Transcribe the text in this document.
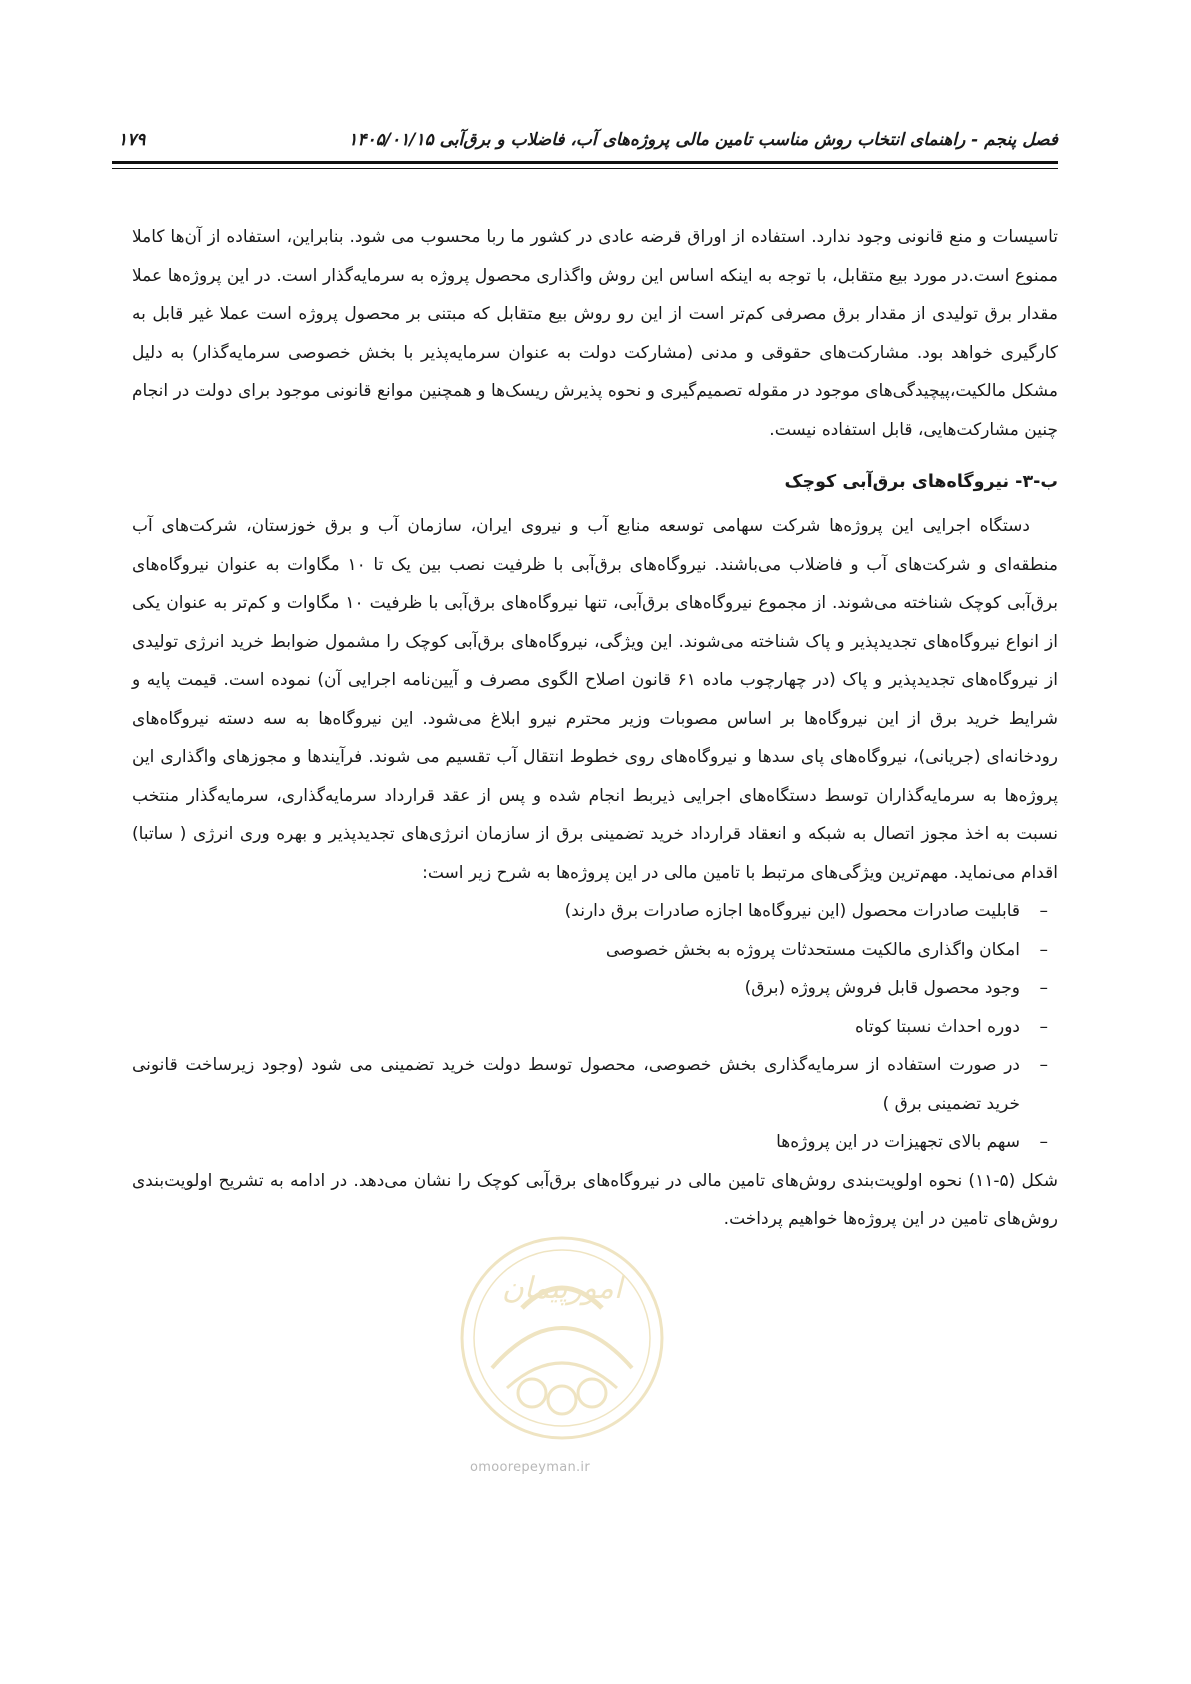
فصل پنجم - راهنمای انتخاب روش مناسب تامین مالی پروژه‌های آب، فاضلاب و برق‌آبی ۱۴۰۵/۰۱/۱۵
۱۷۹

تاسیسات و منع قانونی وجود ندارد. استفاده از اوراق قرضه عادی در کشور ما ربا محسوب می شود. بنابراین، استفاده از آن‌ها کاملا ممنوع است.در مورد بیع متقابل، با توجه به اینکه اساس این روش واگذاری محصول پروژه به سرمایه‌گذار است. در این پروژه‌ها عملا مقدار برق تولیدی از مقدار برق مصرفی کم‌تر است از این رو روش بیع متقابل که مبتنی بر محصول پروژه است عملا غیر قابل به کارگیری خواهد بود. مشارکت‌های حقوقی و مدنی (مشارکت دولت به عنوان سرمایه‌پذیر با بخش خصوصی سرمایه‌گذار) به دلیل مشکل مالکیت،پیچیدگی‌های موجود در مقوله تصمیم‌گیری و نحوه پذیرش ریسک‌ها و همچنین موانع قانونی موجود برای دولت در انجام چنین مشارکت‌هایی، قابل استفاده نیست.

ب-۳- نیروگاه‌های برق‌آبی کوچک

دستگاه اجرایی این پروژه‌ها شرکت سهامی توسعه منابع آب و نیروی ایران، سازمان آب و برق خوزستان، شرکت‌های آب منطقه‌ای و شرکت‌های آب و فاضلاب می‌باشند. نیروگاه‌های برق‌آبی با ظرفیت نصب بین یک تا ۱۰ مگاوات به عنوان نیروگاه‌های برق‌آبی کوچک شناخته می‌شوند. از مجموع نیروگاه‌های برق‌آبی، تنها نیروگاه‌های برق‌آبی با ظرفیت ۱۰ مگاوات و کم‌تر به عنوان یکی از انواع نیروگاه‌های تجدیدپذیر و پاک شناخته می‌شوند. این ویژگی، نیروگاه‌های برق‌آبی کوچک را مشمول ضوابط خرید انرژی تولیدی از نیروگاه‌های تجدیدپذیر و پاک (در چهارچوب ماده ۶۱ قانون اصلاح الگوی مصرف و آیین‌نامه اجرایی آن) نموده است. قیمت پایه و شرایط خرید برق از این نیروگاه‌ها بر اساس مصوبات وزیر محترم نیرو ابلاغ می‌شود. این نیروگاه‌ها به سه دسته نیروگاه‌های رودخانه‌ای (جریانی)، نیروگاه‌های پای سدها و نیروگاه‌های روی خطوط انتقال آب تقسیم می شوند. فرآیندها و مجوزهای واگذاری این پروژه‌ها به سرمایه‌گذاران توسط دستگاه‌های اجرایی ذیربط انجام شده و پس از عقد قرارداد سرمایه‌گذاری، سرمایه‌گذار منتخب نسبت به اخذ مجوز اتصال به شبکه و انعقاد قرارداد خرید تضمینی برق از سازمان انرژی‌های تجدیدپذیر و بهره وری انرژی ( ساتبا) اقدام می‌نماید. مهم‌ترین ویژگی‌های مرتبط با تامین مالی در این پروژه‌ها به شرح زیر است:

–
قابلیت صادرات محصول (این نیروگاه‌ها اجازه صادرات برق دارند)
–
امکان واگذاری مالکیت مستحدثات پروژه به بخش خصوصی
–
وجود محصول قابل فروش پروژه (برق)
–
دوره احداث نسبتا کوتاه
–
در صورت استفاده از سرمایه‌گذاری بخش خصوصی، محصول توسط دولت خرید تضمینی می شود (وجود زیرساخت قانونی خرید تضمینی برق )
–
سهم بالای تجهیزات در این پروژه‌ها

شکل (۵-۱۱) نحوه اولویت‌بندی روش‌های تامین مالی در نیروگاه‌های برق‌آبی کوچک را نشان می‌دهد. در ادامه به تشریح اولویت‌بندی روش‌های تامین در این پروژه‌ها خواهیم پرداخت.

امورپیمان
omoorepeyman.ir
